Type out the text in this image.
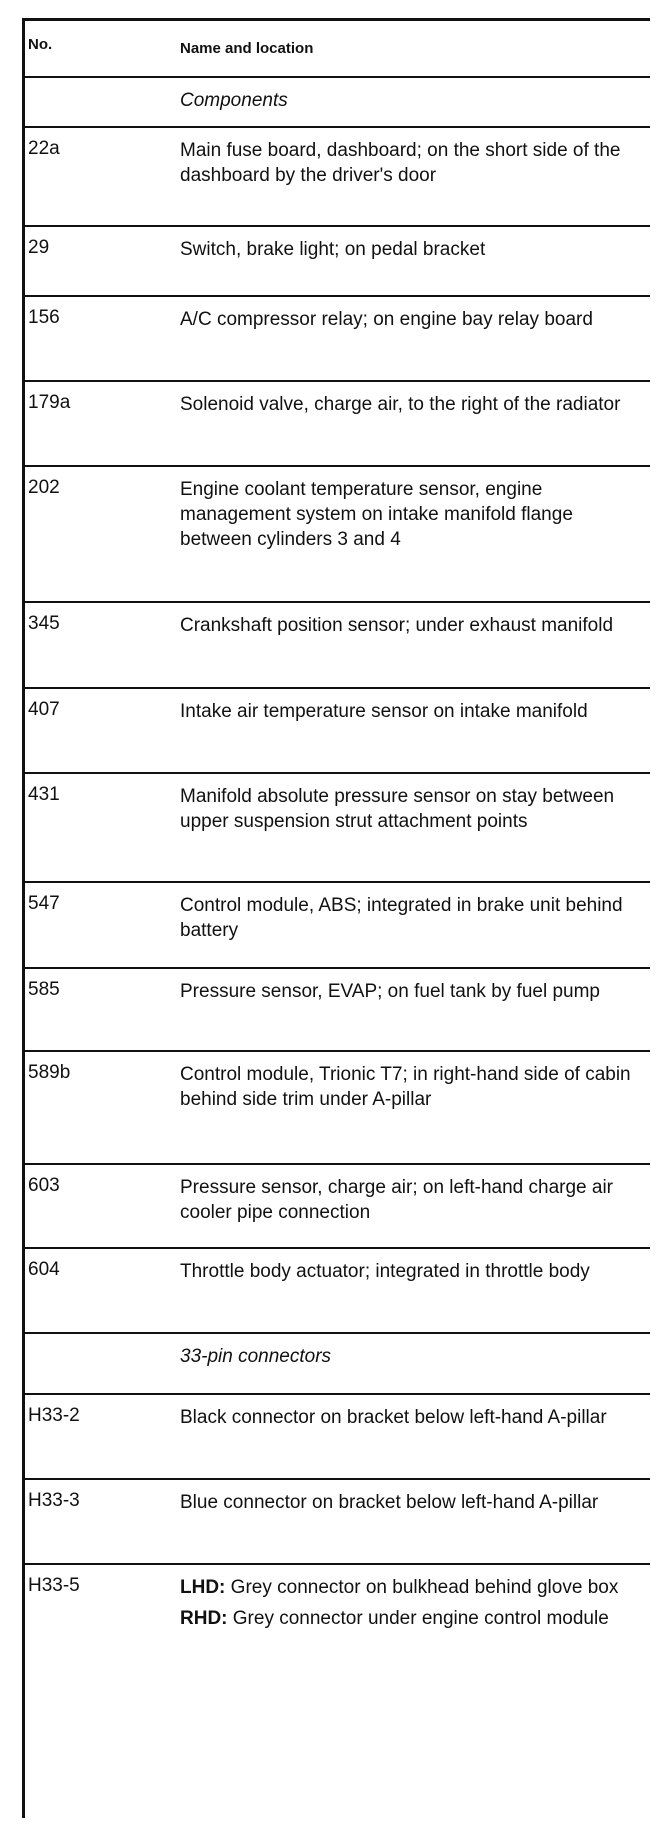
No.	Name and location
Components
22a	Main fuse board, dashboard; on the short side of the dashboard by the driver's door
29	Switch, brake light; on pedal bracket
156	A/C compressor relay; on engine bay relay board
179a	Solenoid valve, charge air, to the right of the radiator
202	Engine coolant temperature sensor, engine management system on intake manifold flange between cylinders 3 and 4
345	Crankshaft position sensor; under exhaust manifold
407	Intake air temperature sensor on intake manifold
431	Manifold absolute pressure sensor on stay between upper suspension strut attachment points
547	Control module, ABS; integrated in brake unit behind battery
585	Pressure sensor, EVAP; on fuel tank by fuel pump
589b	Control module, Trionic T7; in right-hand side of cabin behind side trim under A-pillar
603	Pressure sensor, charge air; on left-hand charge air cooler pipe connection
604	Throttle body actuator; integrated in throttle body
33-pin connectors
H33-2	Black connector on bracket below left-hand A-pillar
H33-3	Blue connector on bracket below left-hand A-pillar
H33-5	LHD: Grey connector on bulkhead behind glove box
RHD: Grey connector under engine control module
